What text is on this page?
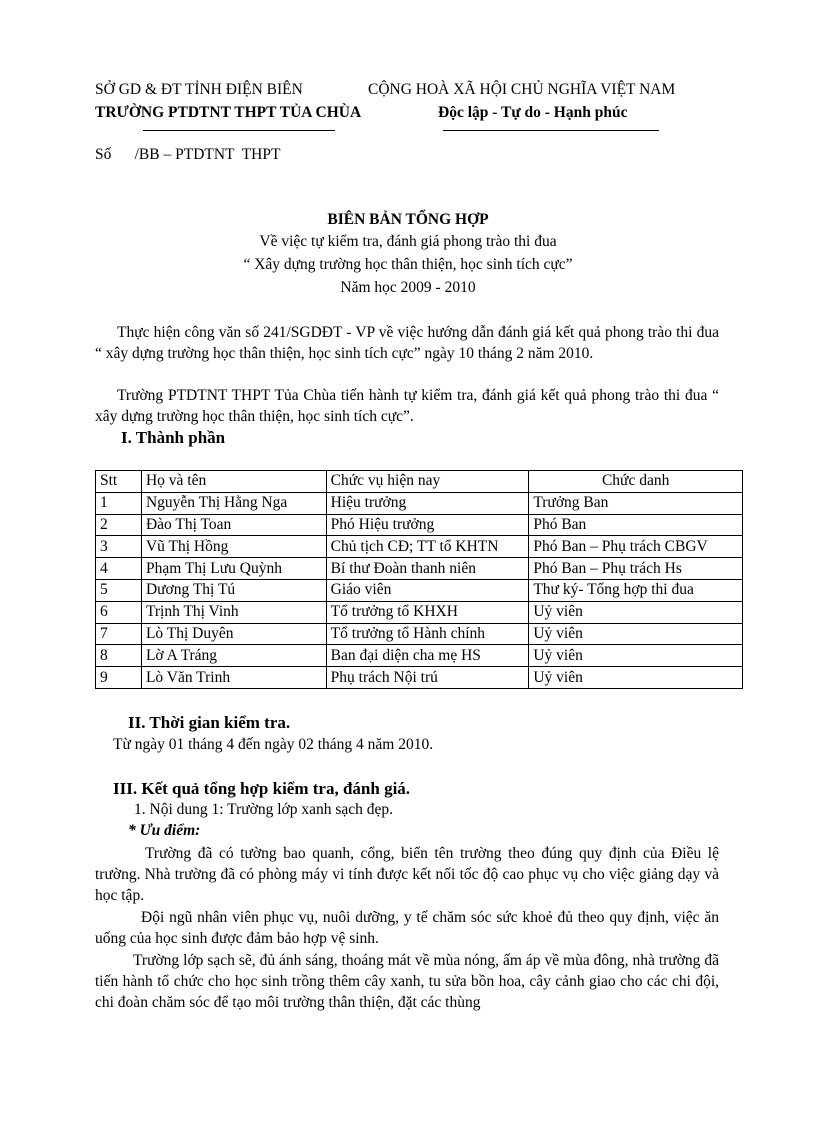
SỞ GD & ĐT TỈNH ĐIỆN BIÊN	CỘNG HOÀ XÃ HỘI CHỦ NGHĨA VIỆT NAM
TRƯỜNG PTDTNT THPT TỦA CHÙA	Độc lập - Tự do - Hạnh phúc
Số      /BB – PTDTNT  THPT
BIÊN BẢN TỔNG HỢP
Về việc tự kiểm tra, đánh giá phong trào thi đua
“ Xây dựng trường học thân thiện, học sinh tích cực”
Năm học 2009 - 2010

Thực hiện công văn số 241/SGDĐT - VP về việc hướng dẫn đánh giá kết quả phong trào thi đua “ xây dựng trường học thân thiện, học sinh tích cực” ngày 10 tháng 2 năm 2010.

Trường PTDTNT THPT Tủa Chùa tiến hành tự kiểm tra, đánh giá kết quả phong trào thi đua “ xây dựng trường học thân thiện, học sinh tích cực”.

I. Thành phần
Stt	Họ và tên	Chức vụ hiện nay	Chức danh
1	Nguyễn Thị Hằng Nga	Hiệu trưởng	Trưởng Ban
2	Đào Thị Toan	Phó Hiệu trưởng	Phó Ban
3	Vũ Thị Hồng	Chủ tịch CĐ; TT tổ KHTN	Phó Ban – Phụ trách CBGV
4	Phạm Thị Lưu Quỳnh	Bí thư Đoàn thanh niên	Phó Ban – Phụ trách Hs
5	Dương Thị Tú	Giáo viên	Thư ký- Tổng hợp thi đua
6	Trịnh Thị Vinh	Tổ trưởng tổ KHXH	Uỷ viên
7	Lò Thị Duyên	Tổ trưởng tổ Hành chính	Uỷ viên
8	Lờ A Tráng	Ban đại diện cha mẹ HS	Uỷ viên
9	Lò Văn Trinh	Phụ trách Nội trú	Uỷ viên
II. Thời gian kiểm tra.
Từ ngày 01 tháng 4 đến ngày 02 tháng 4 năm 2010.
III. Kết quả tổng hợp kiểm tra, đánh giá.
1. Nội dung 1: Trường lớp xanh sạch đẹp.
* Ưu điểm:

Trường đã có tường bao quanh, cổng, biển tên trường theo đúng quy định của Điều lệ trường. Nhà trường đã có phòng máy vi tính được kết nối tốc độ cao phục vụ cho việc giảng dạy và học tập.

Đội ngũ nhân viên phục vụ, nuôi dưỡng, y tế chăm sóc sức khoẻ đủ theo quy định, việc ăn uống của học sinh được đảm bảo hợp vệ sinh.

Trường lớp sạch sẽ, đủ ánh sáng, thoáng mát về mùa nóng, ấm áp về mùa đông, nhà trường đã tiến hành tổ chức cho học sinh trồng thêm cây xanh, tu sửa bồn hoa, cây cảnh giao cho các chi đội, chi đoàn chăm sóc để tạo môi trường thân thiện, đặt các thùng
